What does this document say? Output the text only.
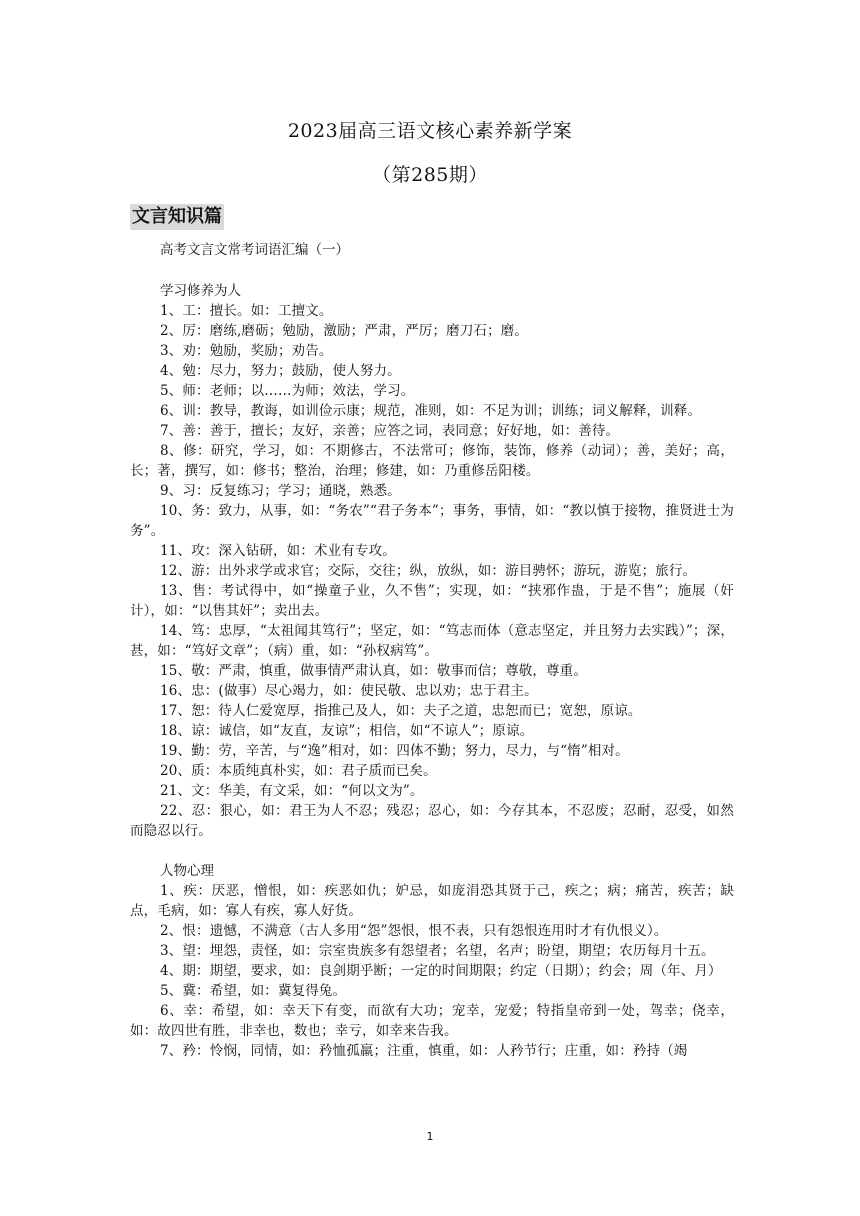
2023届高三语文核心素养新学案
（第285期）
文言知识篇
高考文言文常考词语汇编（一）

学习修养为人

1、工：擅长。如：工擅文。

2、厉：磨练,磨砺；勉励，激励；严肃，严厉；磨刀石；磨。

3、劝：勉励，奖励；劝告。

4、勉：尽力，努力；鼓励，使人努力。

5、师：老师；以……为师；效法，学习。

6、训：教导，教诲，如训俭示康；规范，准则，如：不足为训；训练；词义解释，训释。

7、善：善于，擅长；友好，亲善；应答之词，表同意；好好地，如：善待。

8、修：研究，学习，如：不期修古，不法常可；修饰，装饰，修养（动词）；善，美好；高，长；著，撰写，如：修书；整治，治理；修建，如：乃重修岳阳楼。

9、习：反复练习；学习；通晓，熟悉。

10、务：致力，从事，如：“务农”“君子务本”；事务，事情，如：“教以慎于接物，推贤进士为务”。

11、攻：深入钻研，如：术业有专攻。

12、游：出外求学或求官；交际，交往；纵，放纵，如：游目骋怀；游玩，游览；旅行。

13、售：考试得中，如“操童子业，久不售”；实现，如：“挟邪作蛊，于是不售”；施展（奸计），如：“以售其奸”；卖出去。

14、笃：忠厚，“太祖闻其笃行”；坚定，如：“笃志而体（意志坚定，并且努力去实践）”；深，甚，如：“笃好文章”；（病）重，如：“孙权病笃”。

15、敬：严肃，慎重，做事情严肃认真，如：敬事而信；尊敬，尊重。

16、忠：(做事）尽心竭力，如：使民敬、忠以劝；忠于君主。

17、恕：待人仁爱宽厚，指推己及人，如：夫子之道，忠恕而已；宽恕，原谅。

18、谅：诚信，如“友直，友谅”；相信，如“不谅人”；原谅。

19、勤：劳，辛苦，与“逸”相对，如：四体不勤；努力，尽力，与“惰”相对。

20、质：本质纯真朴实，如：君子质而已矣。

21、文：华美，有文采，如：“何以文为”。

22、忍：狠心，如：君王为人不忍；残忍；忍心，如：今存其本，不忍废；忍耐，忍受，如然而隐忍以行。

人物心理

1、疾：厌恶，憎恨，如：疾恶如仇；妒忌，如庞涓恐其贤于己，疾之；病；痛苦，疾苦；缺点，毛病，如：寡人有疾，寡人好货。

2、恨：遗憾，不满意（古人多用“怨”怨恨，恨不表，只有怨恨连用时才有仇恨义）。

3、望：埋怨，责怪，如：宗室贵族多有怨望者；名望，名声；盼望，期望；农历每月十五。

4、期：期望，要求，如：良剑期乎断；一定的时间期限；约定（日期）；约会；周（年、月）

5、冀：希望，如：冀复得兔。

6、幸：希望，如：幸天下有变，而欲有大功；宠幸，宠爱；特指皇帝到一处，驾幸；侥幸，如：故四世有胜，非幸也，数也；幸亏，如幸来告我。

7、矜：怜悯，同情，如：矜恤孤羸；注重，慎重，如：人矜节行；庄重，如：矜持（竭

1
